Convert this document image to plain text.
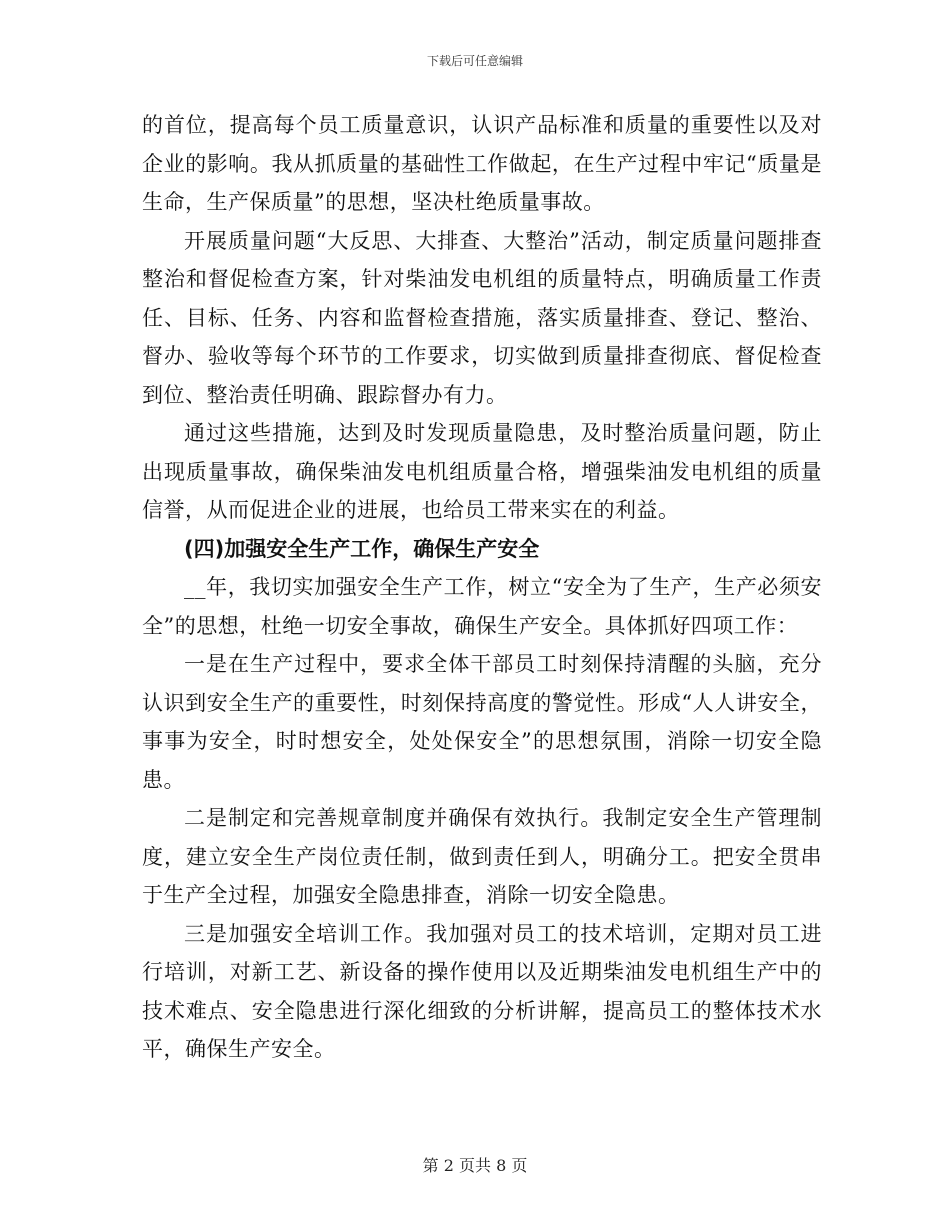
下载后可任意编辑

的首位，提高每个员工质量意识，认识产品标准和质量的重要性以及对企业的影响。我从抓质量的基础性工作做起，在生产过程中牢记“质量是生命，生产保质量”的思想，坚决杜绝质量事故。

开展质量问题“大反思、大排查、大整治”活动，制定质量问题排查整治和督促检查方案，针对柴油发电机组的质量特点，明确质量工作责任、目标、任务、内容和监督检查措施，落实质量排查、登记、整治、督办、验收等每个环节的工作要求，切实做到质量排查彻底、督促检查到位、整治责任明确、跟踪督办有力。

通过这些措施，达到及时发现质量隐患，及时整治质量问题，防止出现质量事故，确保柴油发电机组质量合格，增强柴油发电机组的质量信誉，从而促进企业的进展，也给员工带来实在的利益。

(四)加强安全生产工作，确保生产安全

__年，我切实加强安全生产工作，树立“安全为了生产，生产必须安全”的思想，杜绝一切安全事故，确保生产安全。具体抓好四项工作：

一是在生产过程中，要求全体干部员工时刻保持清醒的头脑，充分认识到安全生产的重要性，时刻保持高度的警觉性。形成“人人讲安全，事事为安全，时时想安全，处处保安全”的思想氛围，消除一切安全隐患。

二是制定和完善规章制度并确保有效执行。我制定安全生产管理制度，建立安全生产岗位责任制，做到责任到人，明确分工。把安全贯串于生产全过程，加强安全隐患排查，消除一切安全隐患。

三是加强安全培训工作。我加强对员工的技术培训，定期对员工进行培训，对新工艺、新设备的操作使用以及近期柴油发电机组生产中的技术难点、安全隐患进行深化细致的分析讲解，提高员工的整体技术水平，确保生产安全。

第 2 页共 8 页
